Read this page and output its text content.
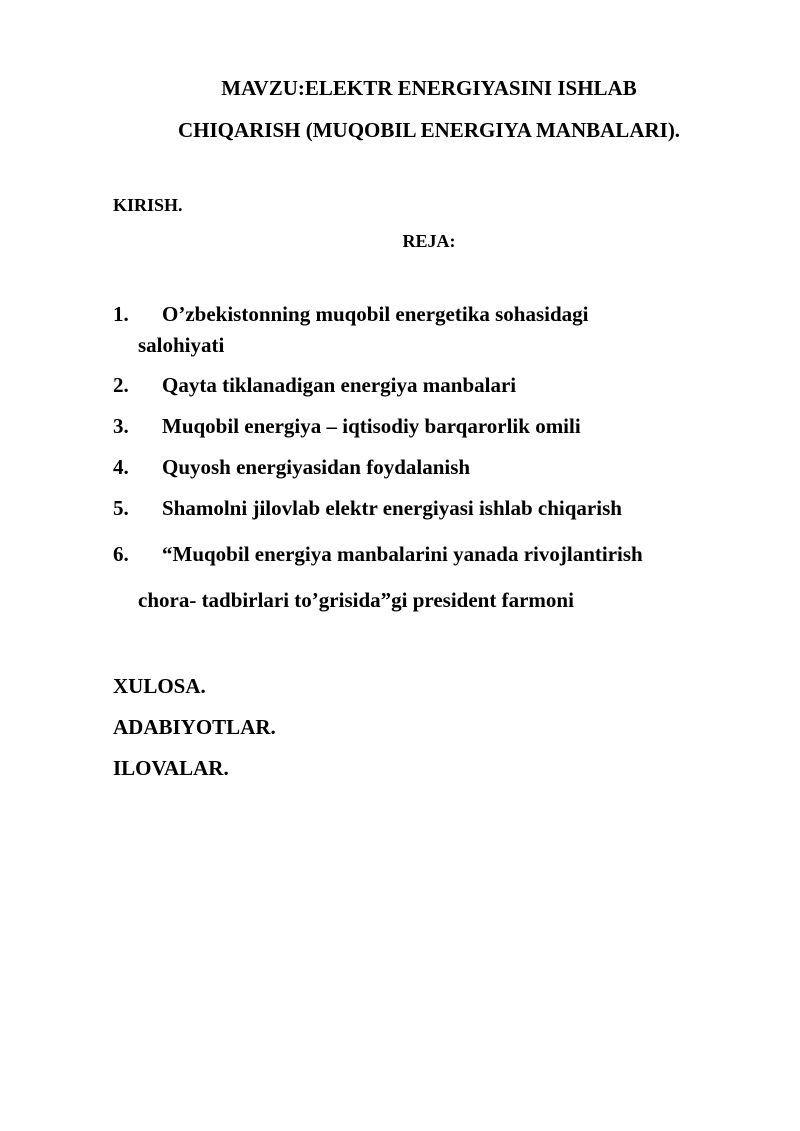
MAVZU:ELEKTR ENERGIYASINI ISHLAB
CHIQARISH (MUQOBIL ENERGIYA MANBALARI).
KIRISH.
REJA:
1. O’zbekistonning muqobil energetika sohasidagi
salohiyati
2. Qayta tiklanadigan energiya manbalari
3. Muqobil energiya – iqtisodiy barqarorlik omili
4. Quyosh energiyasidan foydalanish
5. Shamolni jilovlab elektr energiyasi ishlab chiqarish
6. “Muqobil energiya manbalarini yanada rivojlantirish
chora- tadbirlari to’grisida”gi president farmoni
XULOSA.
ADABIYOTLAR.
ILOVALAR.
